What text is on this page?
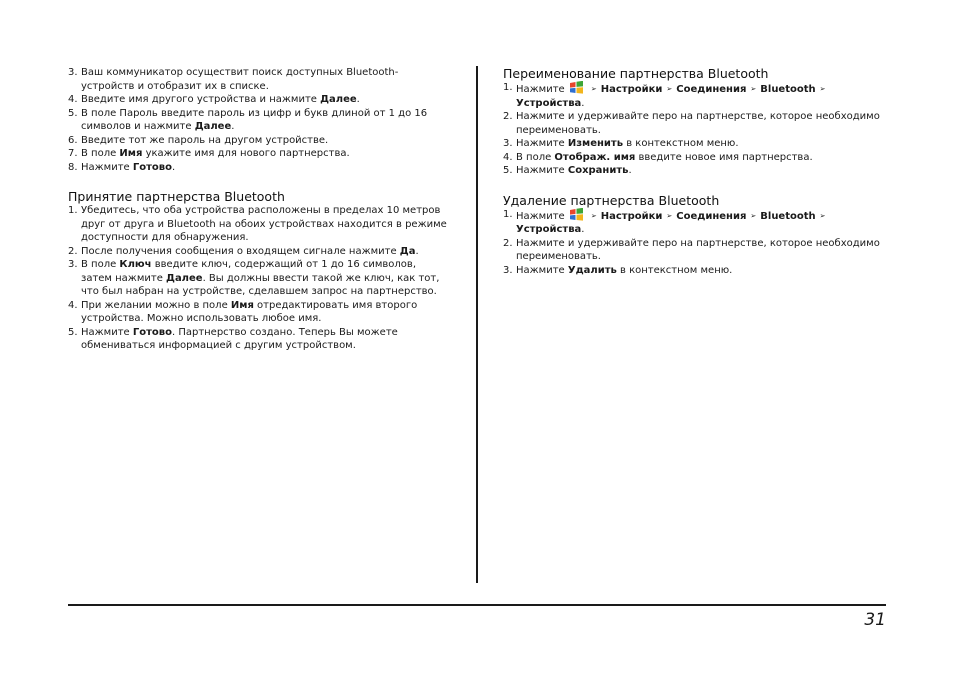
3. Ваш коммуникатор осуществит поиск доступных Bluetooth-устройств и отобразит их в списке.
4. Введите имя другого устройства и нажмите Далее.
5. В поле Пароль введите пароль из цифр и букв длиной от 1 до 16 символов и нажмите Далее.
6. Введите тот же пароль на другом устройстве.
7. В поле Имя укажите имя для нового партнерства.
8. Нажмите Готово.
Принятие партнерства Bluetooth
1. Убедитесь, что оба устройства расположены в пределах 10 метров друг от друга и Bluetooth на обоих устройствах находится в режиме доступности для обнаружения.
2. После получения сообщения о входящем сигнале нажмите Да.
3. В поле Ключ введите ключ, содержащий от 1 до 16 символов, затем нажмите Далее. Вы должны ввести такой же ключ, как тот, что был набран на устройстве, сделавшем запрос на партнерство.
4. При желании можно в поле Имя отредактировать имя второго устройства. Можно использовать любое имя.
5. Нажмите Готово. Партнерство создано. Теперь Вы можете обмениваться информацией с другим устройством.
Переименование партнерства Bluetooth
1. Нажмите	➢ Настройки ➢ Соединения ➢ Bluetooth ➢Устройства.
2. Нажмите и удерживайте перо на партнерстве, которое необходимо переименовать.
3. Нажмите Изменить в контекстном меню.
4. В поле Отображ. имя введите новое имя партнерства.
5. Нажмите Сохранить.
Удаление партнерства Bluetooth
1. Нажмите	➢ Настройки ➢ Соединения ➢ Bluetooth ➢Устройства.
2. Нажмите и удерживайте перо на партнерстве, которое необходимо переименовать.
3. Нажмите Удалить в контекстном меню.
31
